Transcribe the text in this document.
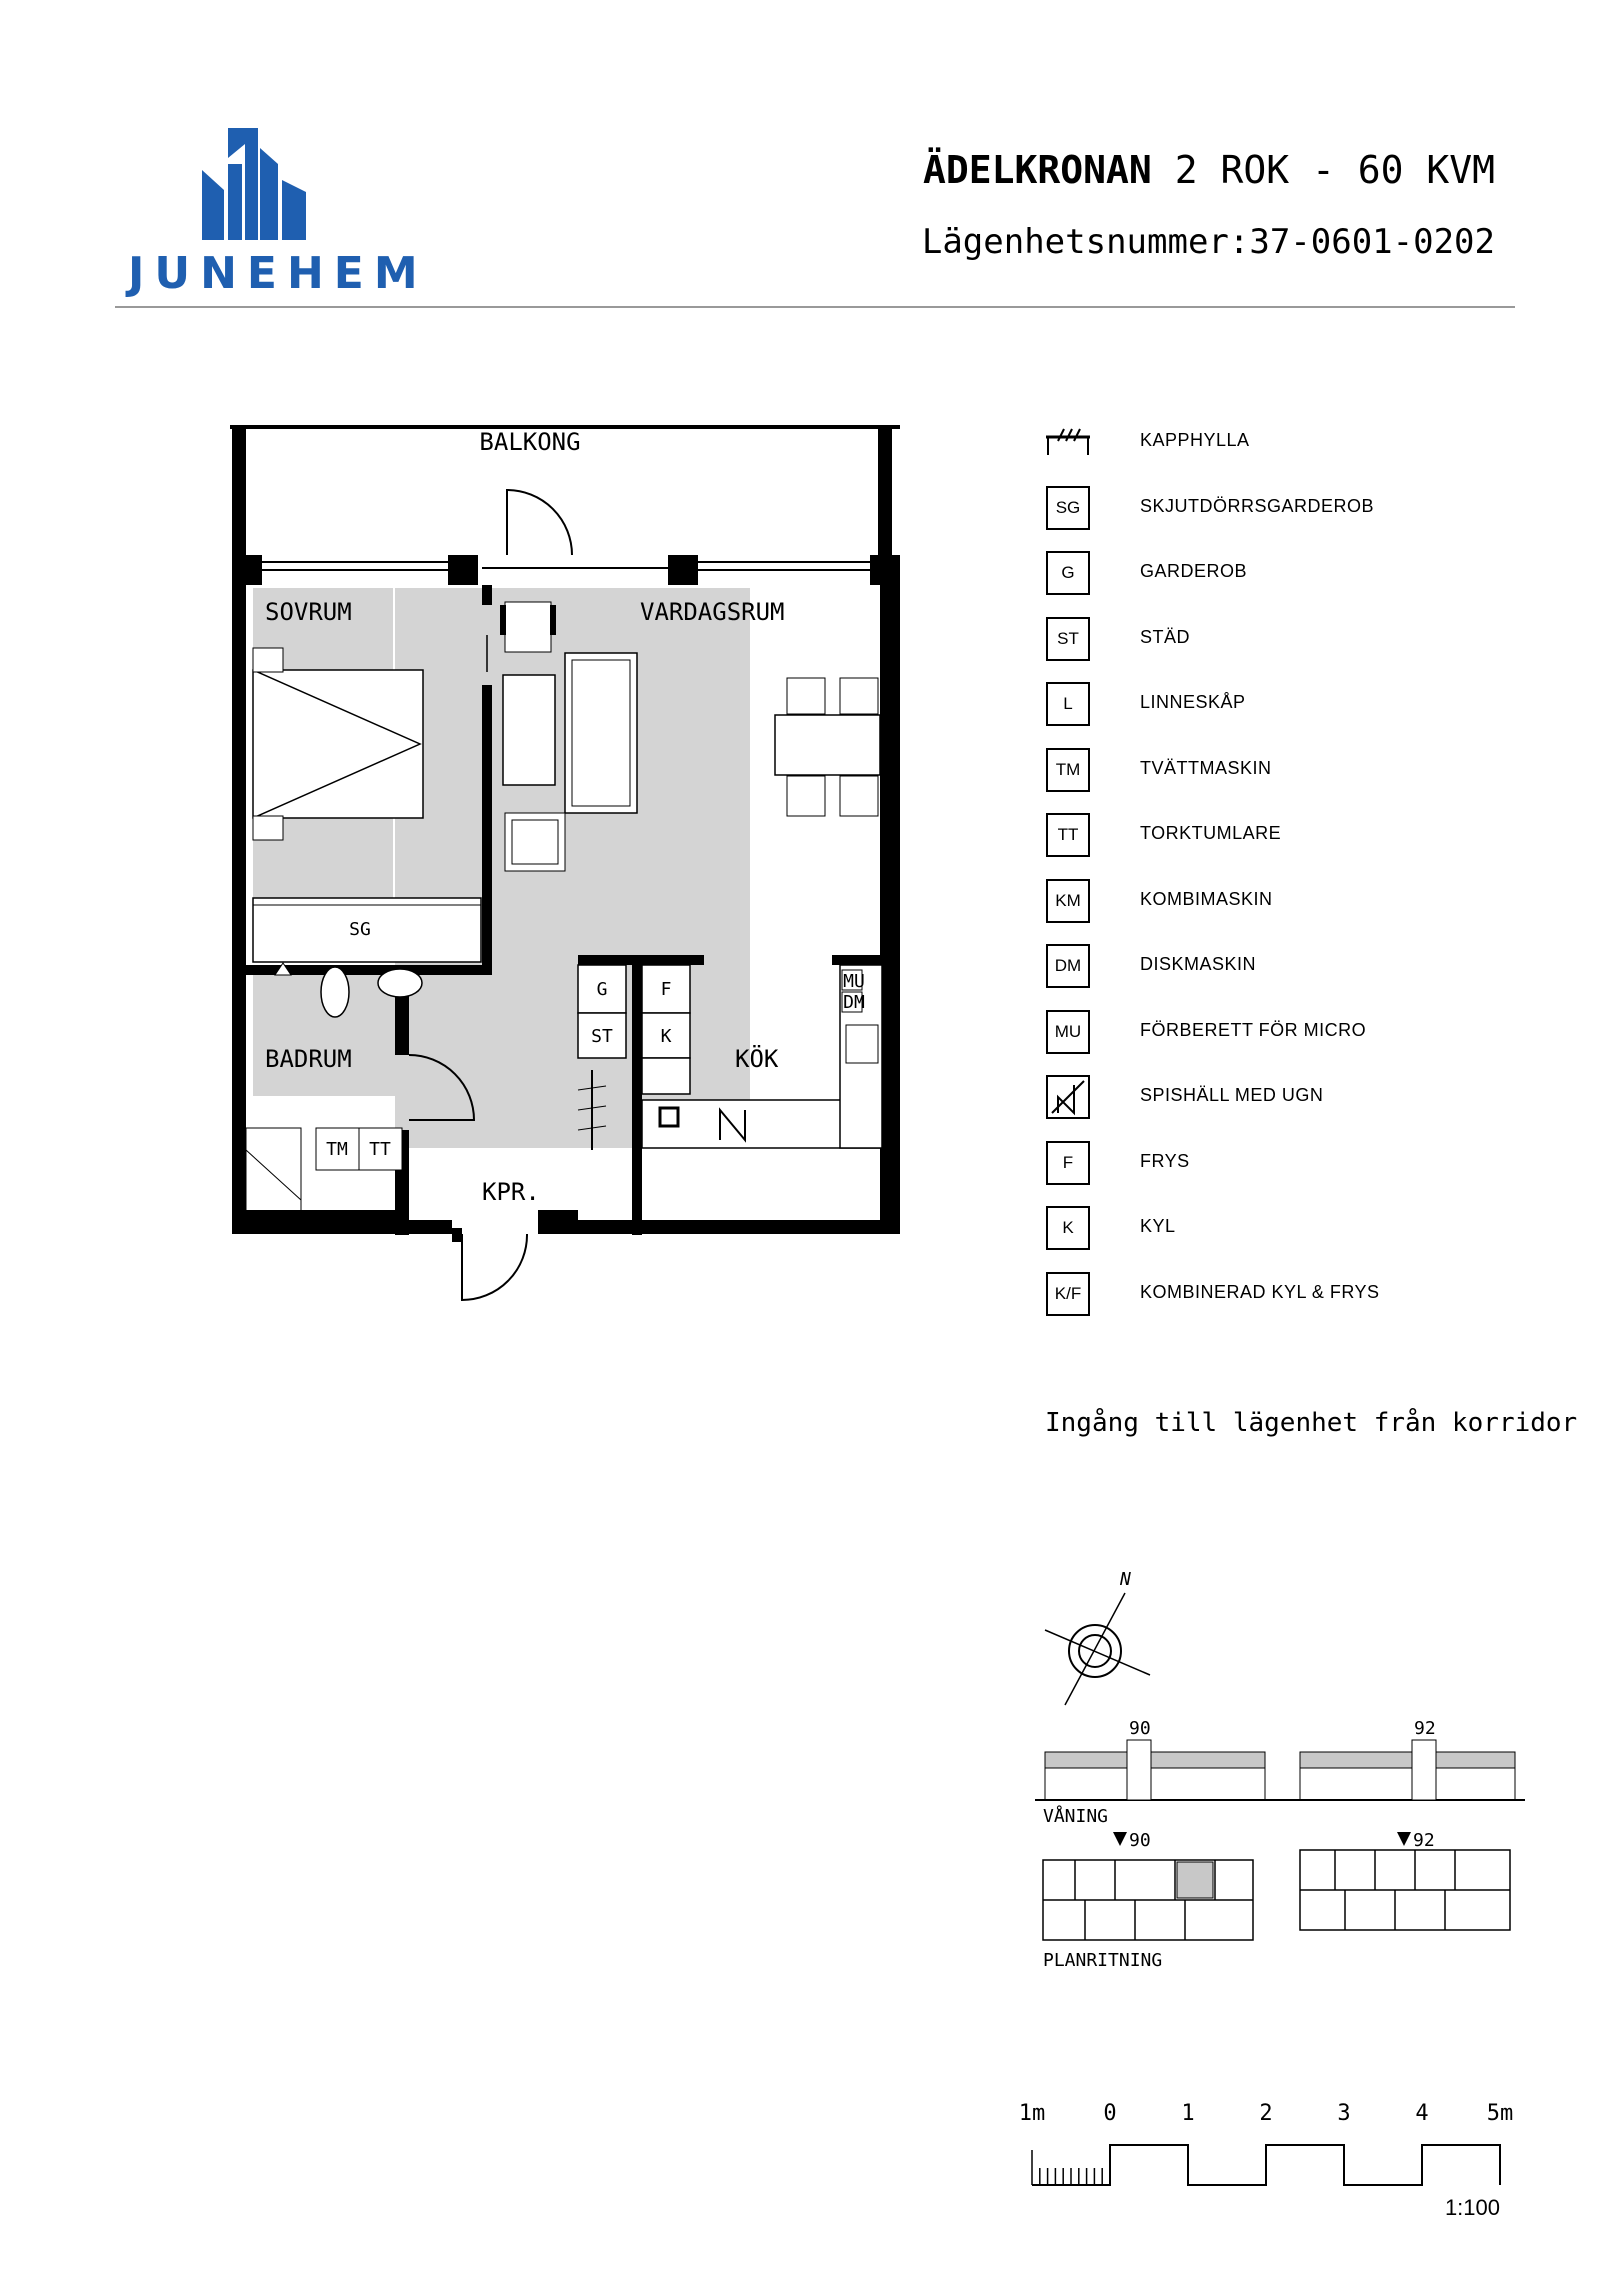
JUNEHEM
ÄDELKRONAN 2 ROK - 60 KVM
Lägenhetsnummer:37-0601-0202
BALKONG
SOVRUM	VARDAGSRUM
BADRUM	KÖK
KPR.
SG
G
ST
F
K
TM TT
MU
DM
KAPPHYLLA
SG	SKJUTDÖRRSGARDEROB
G	GARDEROB
ST	STÄD
L	LINNESKÅP
TM	TVÄTTMASKIN
TT	TORKTUMLARE
KM	KOMBIMASKIN
DM	DISKMASKIN
MU	FÖRBERETT FÖR MICRO
SPISHÄLL MED UGN
F	FRYS
K	KYL
K/F	KOMBINERAD KYL & FRYS
Ingång till lägenhet från korridor
N
90	92
VÅNING
90	92
PLANRITNING
1m	0	1	2	3	4	5m
1:100
